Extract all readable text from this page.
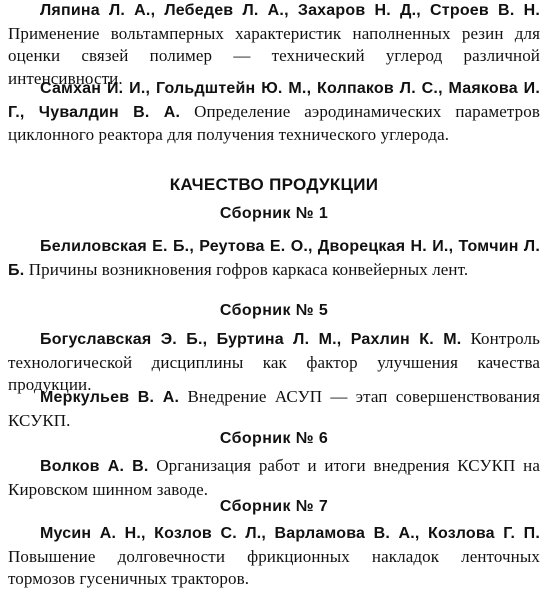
Ляпина Л. А., Лебедев Л. А., Захаров Н. Д., Строев В. Н. Применение вольтамперных характеристик наполненных резин для оценки связей полимер — технический углерод различной интенсивности.

Самхан И. И., Гольдштейн Ю. М., Колпаков Л. С., Маякова И. Г., Чувалдин В. А. Определение аэродинамических параметров циклонного реактора для получения технического углерода.

КАЧЕСТВО ПРОДУКЦИИ
Сборник № 1

Белиловская Е. Б., Реутова Е. О., Дворецкая Н. И., Томчин Л. Б. Причины возникновения гофров каркаса конвейерных лент.

Сборник № 5

Богуславская Э. Б., Буртина Л. М., Рахлин К. М. Контроль технологической дисциплины как фактор улучшения качества продукции.

Меркульев В. А. Внедрение АСУП — этап совершенствования КСУКП.

Сборник № 6

Волков А. В. Организация работ и итоги внедрения КСУКП на Кировском шинном заводе.

Сборник № 7

Мусин А. Н., Козлов С. Л., Варламова В. А., Козлова Г. П. Повышение долговечности фрикционных накладок ленточных тормозов гусеничных тракторов.
